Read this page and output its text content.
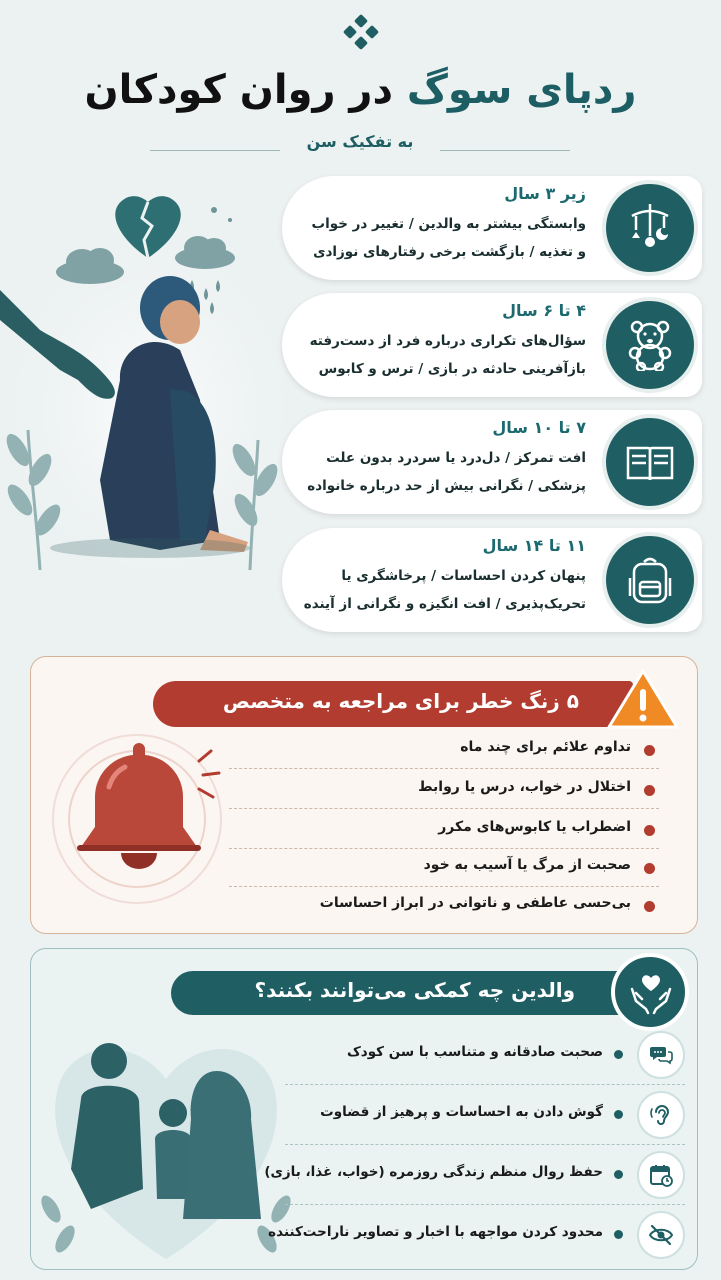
ردپای سوگ در روان کودکان
به تفکیک سن
زیر ۳ سال
وابستگی بیشتر به والدین / تغییر در خواب
و تغذیه / بازگشت برخی رفتارهای نوزادی
۴ تا ۶ سال
سؤال‌های تکراری درباره فرد از دست‌رفته
بازآفرینی حادثه در بازی / ترس و کابوس
۷ تا ۱۰ سال
افت تمرکز / دل‌درد یا سردرد بدون علت
پزشکی / نگرانی بیش از حد درباره خانواده
۱۱ تا ۱۴ سال
پنهان کردن احساسات / پرخاشگری یا
تحریک‌پذیری / افت انگیزه و نگرانی از آینده
۵ زنگ خطر برای مراجعه به متخصص
تداوم علائم برای چند ماه
اختلال در خواب، درس یا روابط
اضطراب یا کابوس‌های مکرر
صحبت از مرگ یا آسیب به خود
بی‌حسی عاطفی و ناتوانی در ابراز احساسات
والدین چه کمکی می‌توانند بکنند؟
صحبت صادقانه و متناسب با سن کودک
گوش دادن به احساسات و پرهیز از قضاوت
حفظ روال منظم زندگی روزمره (خواب، غذا، بازی)
محدود کردن مواجهه با اخبار و تصاویر ناراحت‌کننده
